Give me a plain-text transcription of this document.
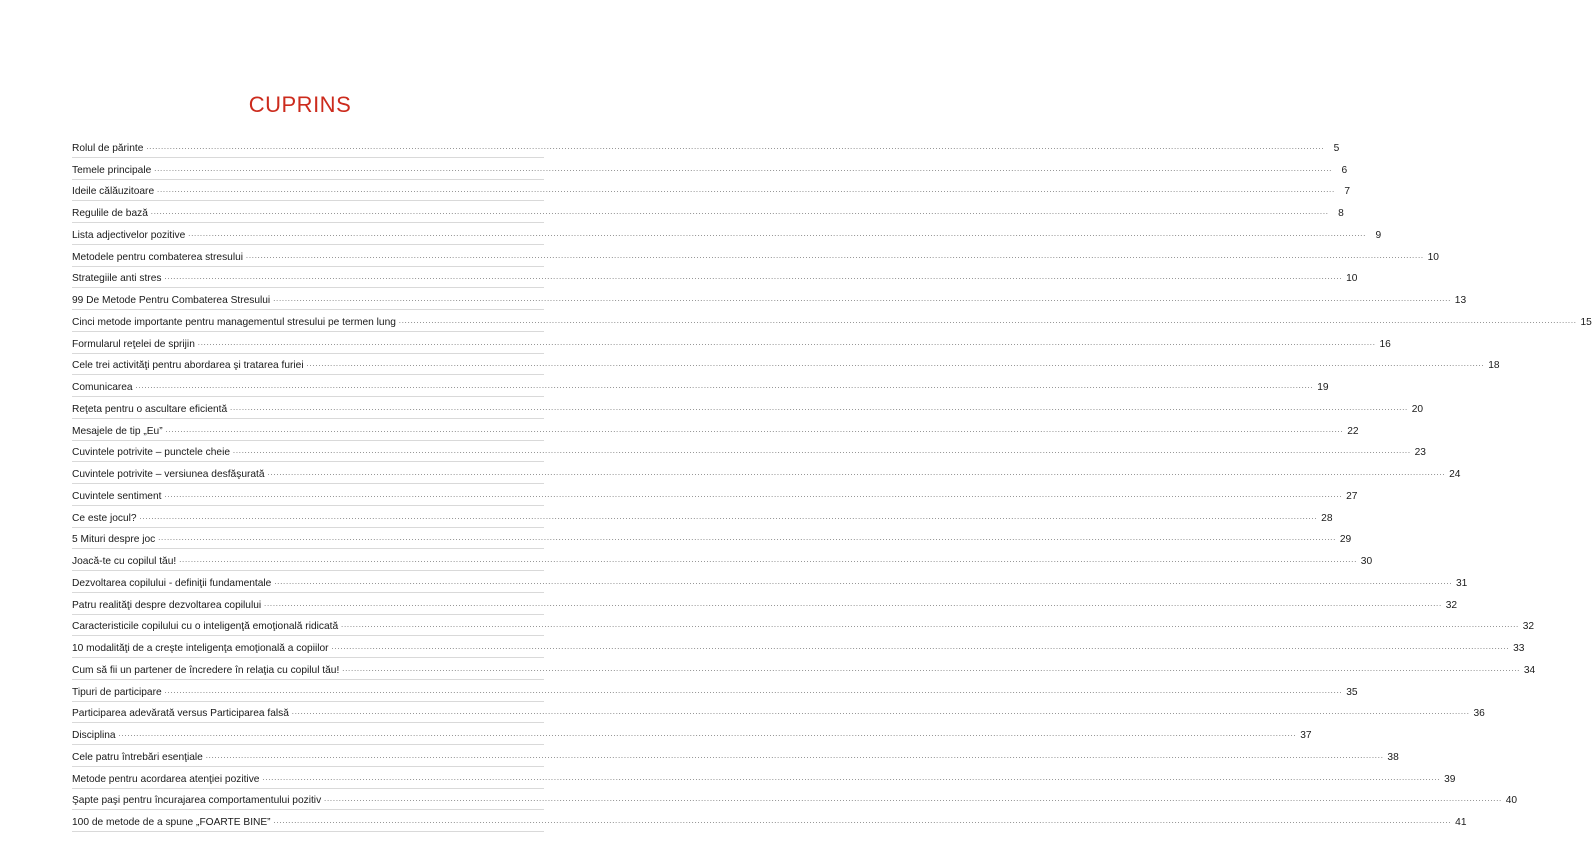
CUPRINS
Rolul de părinte ................................................................................................................................................................................................................................................................................................................................................................................................................ 5
Temele principale ................................................................................................................................................................................................................................................................................................................................................................................................................ 6
Ideile călăuzitoare ................................................................................................................................................................................................................................................................................................................................................................................................................ 7
Regulile de bază ................................................................................................................................................................................................................................................................................................................................................................................................................ 8
Lista adjectivelor pozitive ................................................................................................................................................................................................................................................................................................................................................................................................................ 9
Metodele pentru combaterea stresului ................................................................................................................................................................................................................................................................................................................................................................................................................ 10
Strategiile anti stres ................................................................................................................................................................................................................................................................................................................................................................................................................ 10
99 De Metode Pentru Combaterea Stresului ................................................................................................................................................................................................................................................................................................................................................................................................................ 13
Cinci metode importante pentru managementul stresului pe termen lung ................................................................................................................................................................................................................................................................................................................................................................................................................ 15
Formularul reţelei de sprijin ................................................................................................................................................................................................................................................................................................................................................................................................................ 16
Cele trei activităţi pentru abordarea şi tratarea furiei ................................................................................................................................................................................................................................................................................................................................................................................................................ 18
Comunicarea ................................................................................................................................................................................................................................................................................................................................................................................................................ 19
Reţeta pentru o ascultare eficientă ................................................................................................................................................................................................................................................................................................................................................................................................................ 20
Mesajele de tip „Eu” ................................................................................................................................................................................................................................................................................................................................................................................................................ 22
Cuvintele potrivite – punctele cheie ................................................................................................................................................................................................................................................................................................................................................................................................................ 23
Cuvintele potrivite – versiunea desfăşurată ................................................................................................................................................................................................................................................................................................................................................................................................................ 24
Cuvintele sentiment ................................................................................................................................................................................................................................................................................................................................................................................................................ 27
Ce este jocul? ................................................................................................................................................................................................................................................................................................................................................................................................................ 28
5 Mituri despre joc ................................................................................................................................................................................................................................................................................................................................................................................................................ 29
Joacă-te cu copilul tău! ................................................................................................................................................................................................................................................................................................................................................................................................................ 30
Dezvoltarea copilului - definiţii fundamentale ................................................................................................................................................................................................................................................................................................................................................................................................................ 31
Patru realităţi despre dezvoltarea copilului ................................................................................................................................................................................................................................................................................................................................................................................................................ 32
Caracteristicile copilului cu o inteligenţă emoţională ridicată ................................................................................................................................................................................................................................................................................................................................................................................................................ 32
10 modalităţi de a creşte inteligenţa emoţională a copiilor ................................................................................................................................................................................................................................................................................................................................................................................................................ 33
Cum să fii un partener de încredere în relaţia cu copilul tău! ................................................................................................................................................................................................................................................................................................................................................................................................................ 34
Tipuri de participare ................................................................................................................................................................................................................................................................................................................................................................................................................ 35
Participarea adevărată versus Participarea falsă ................................................................................................................................................................................................................................................................................................................................................................................................................ 36
Disciplina ................................................................................................................................................................................................................................................................................................................................................................................................................ 37
Cele patru întrebări esenţiale ................................................................................................................................................................................................................................................................................................................................................................................................................ 38
Metode pentru acordarea atenţiei pozitive ................................................................................................................................................................................................................................................................................................................................................................................................................ 39
Şapte paşi pentru încurajarea comportamentului pozitiv ................................................................................................................................................................................................................................................................................................................................................................................................................ 40
100 de metode de a spune „FOARTE BINE” ................................................................................................................................................................................................................................................................................................................................................................................................................ 41
